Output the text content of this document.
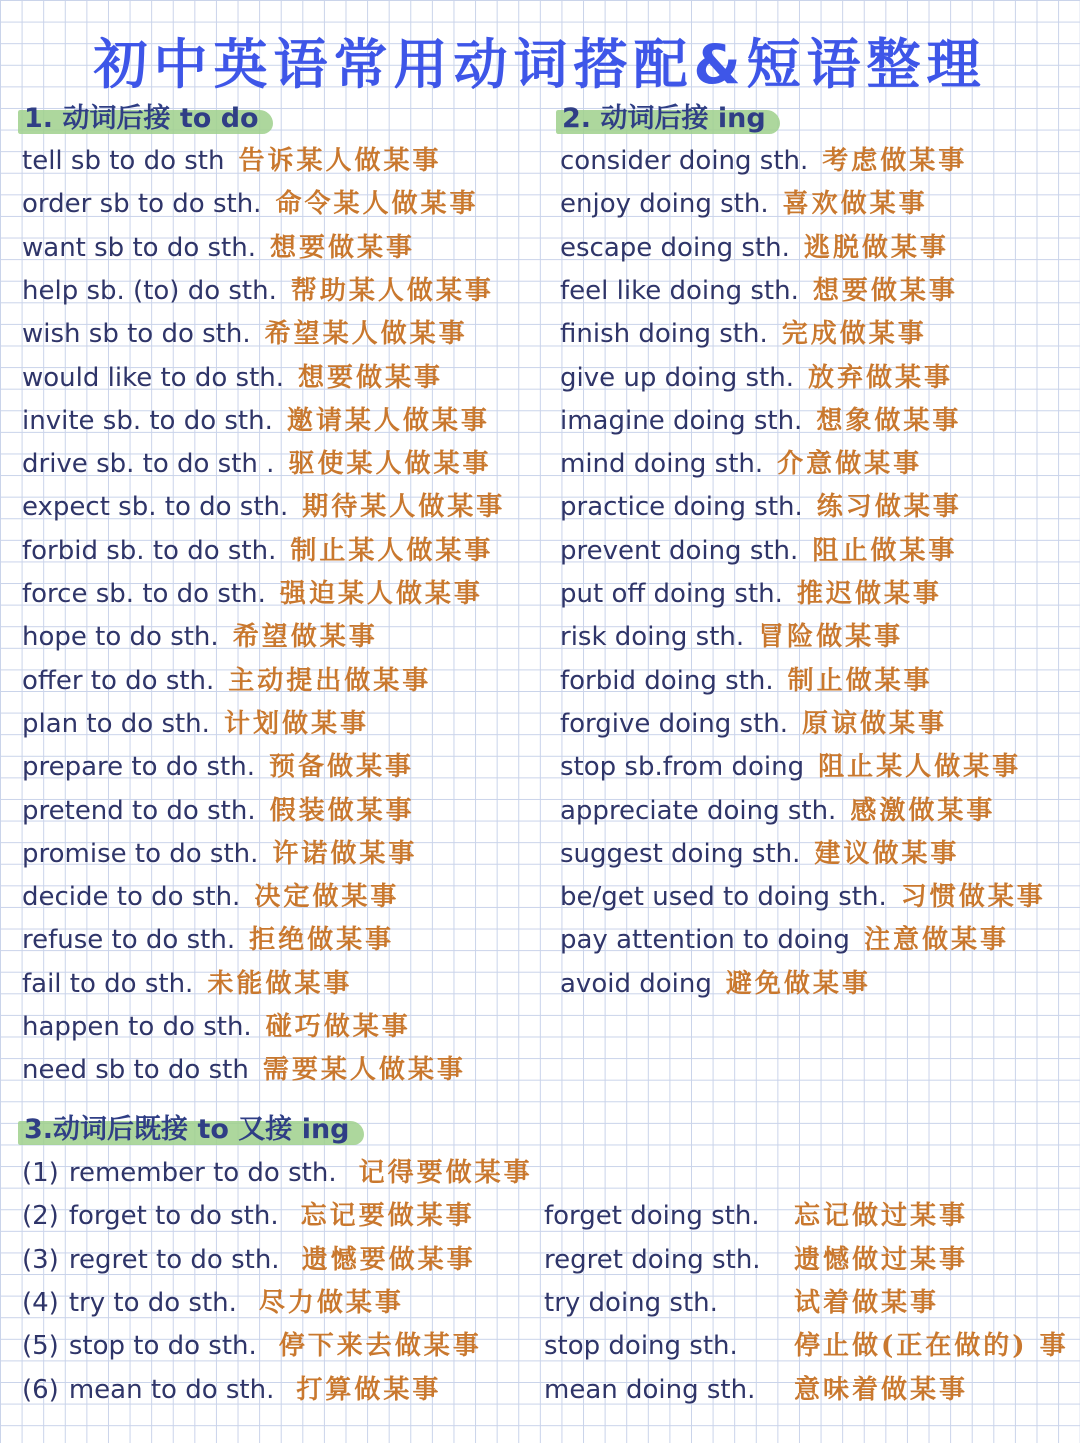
初中英语常用动词搭配&短语整理
1. 动词后接 to do	2. 动词后接 ing
tell sb to do sth 告诉某人做某事
order sb to do sth. 命令某人做某事
want sb to do sth. 想要做某事
help sb. (to) do sth. 帮助某人做某事
wish sb to do sth. 希望某人做某事
would like to do sth. 想要做某事
invite sb. to do sth. 邀请某人做某事
drive sb. to do sth . 驱使某人做某事
expect sb. to do sth. 期待某人做某事
forbid sb. to do sth. 制止某人做某事
force sb. to do sth. 强迫某人做某事
hope to do sth. 希望做某事
offer to do sth. 主动提出做某事
plan to do sth. 计划做某事
prepare to do sth. 预备做某事
pretend to do sth. 假装做某事
promise to do sth. 许诺做某事
decide to do sth. 决定做某事
refuse to do sth. 拒绝做某事
fail to do sth. 未能做某事
happen to do sth. 碰巧做某事
need sb to do sth 需要某人做某事
consider doing sth. 考虑做某事
enjoy doing sth. 喜欢做某事
escape doing sth. 逃脱做某事
feel like doing sth. 想要做某事
finish doing sth. 完成做某事
give up doing sth. 放弃做某事
imagine doing sth. 想象做某事
mind doing sth. 介意做某事
practice doing sth. 练习做某事
prevent doing sth. 阻止做某事
put off doing sth. 推迟做某事
risk doing sth. 冒险做某事
forbid doing sth. 制止做某事
forgive doing sth. 原谅做某事
stop sb.from doing 阻止某人做某事
appreciate doing sth. 感激做某事
suggest doing sth. 建议做某事
be/get used to doing sth. 习惯做某事
pay attention to doing 注意做某事
avoid doing 避免做某事
3.动词后既接 to 又接 ing
(1) remember to do sth. 记得要做某事
(2) forget to do sth. 忘记要做某事	forget doing sth. 忘记做过某事
(3) regret to do sth. 遗憾要做某事	regret doing sth. 遗憾做过某事
(4) try to do sth. 尽力做某事	try doing sth.	试着做某事
(5) stop to do sth. 停下来去做某事 stop doing sth. 停止做(正在做的) 事
(6) mean to do sth. 打算做某事	mean doing sth. 意味着做某事
